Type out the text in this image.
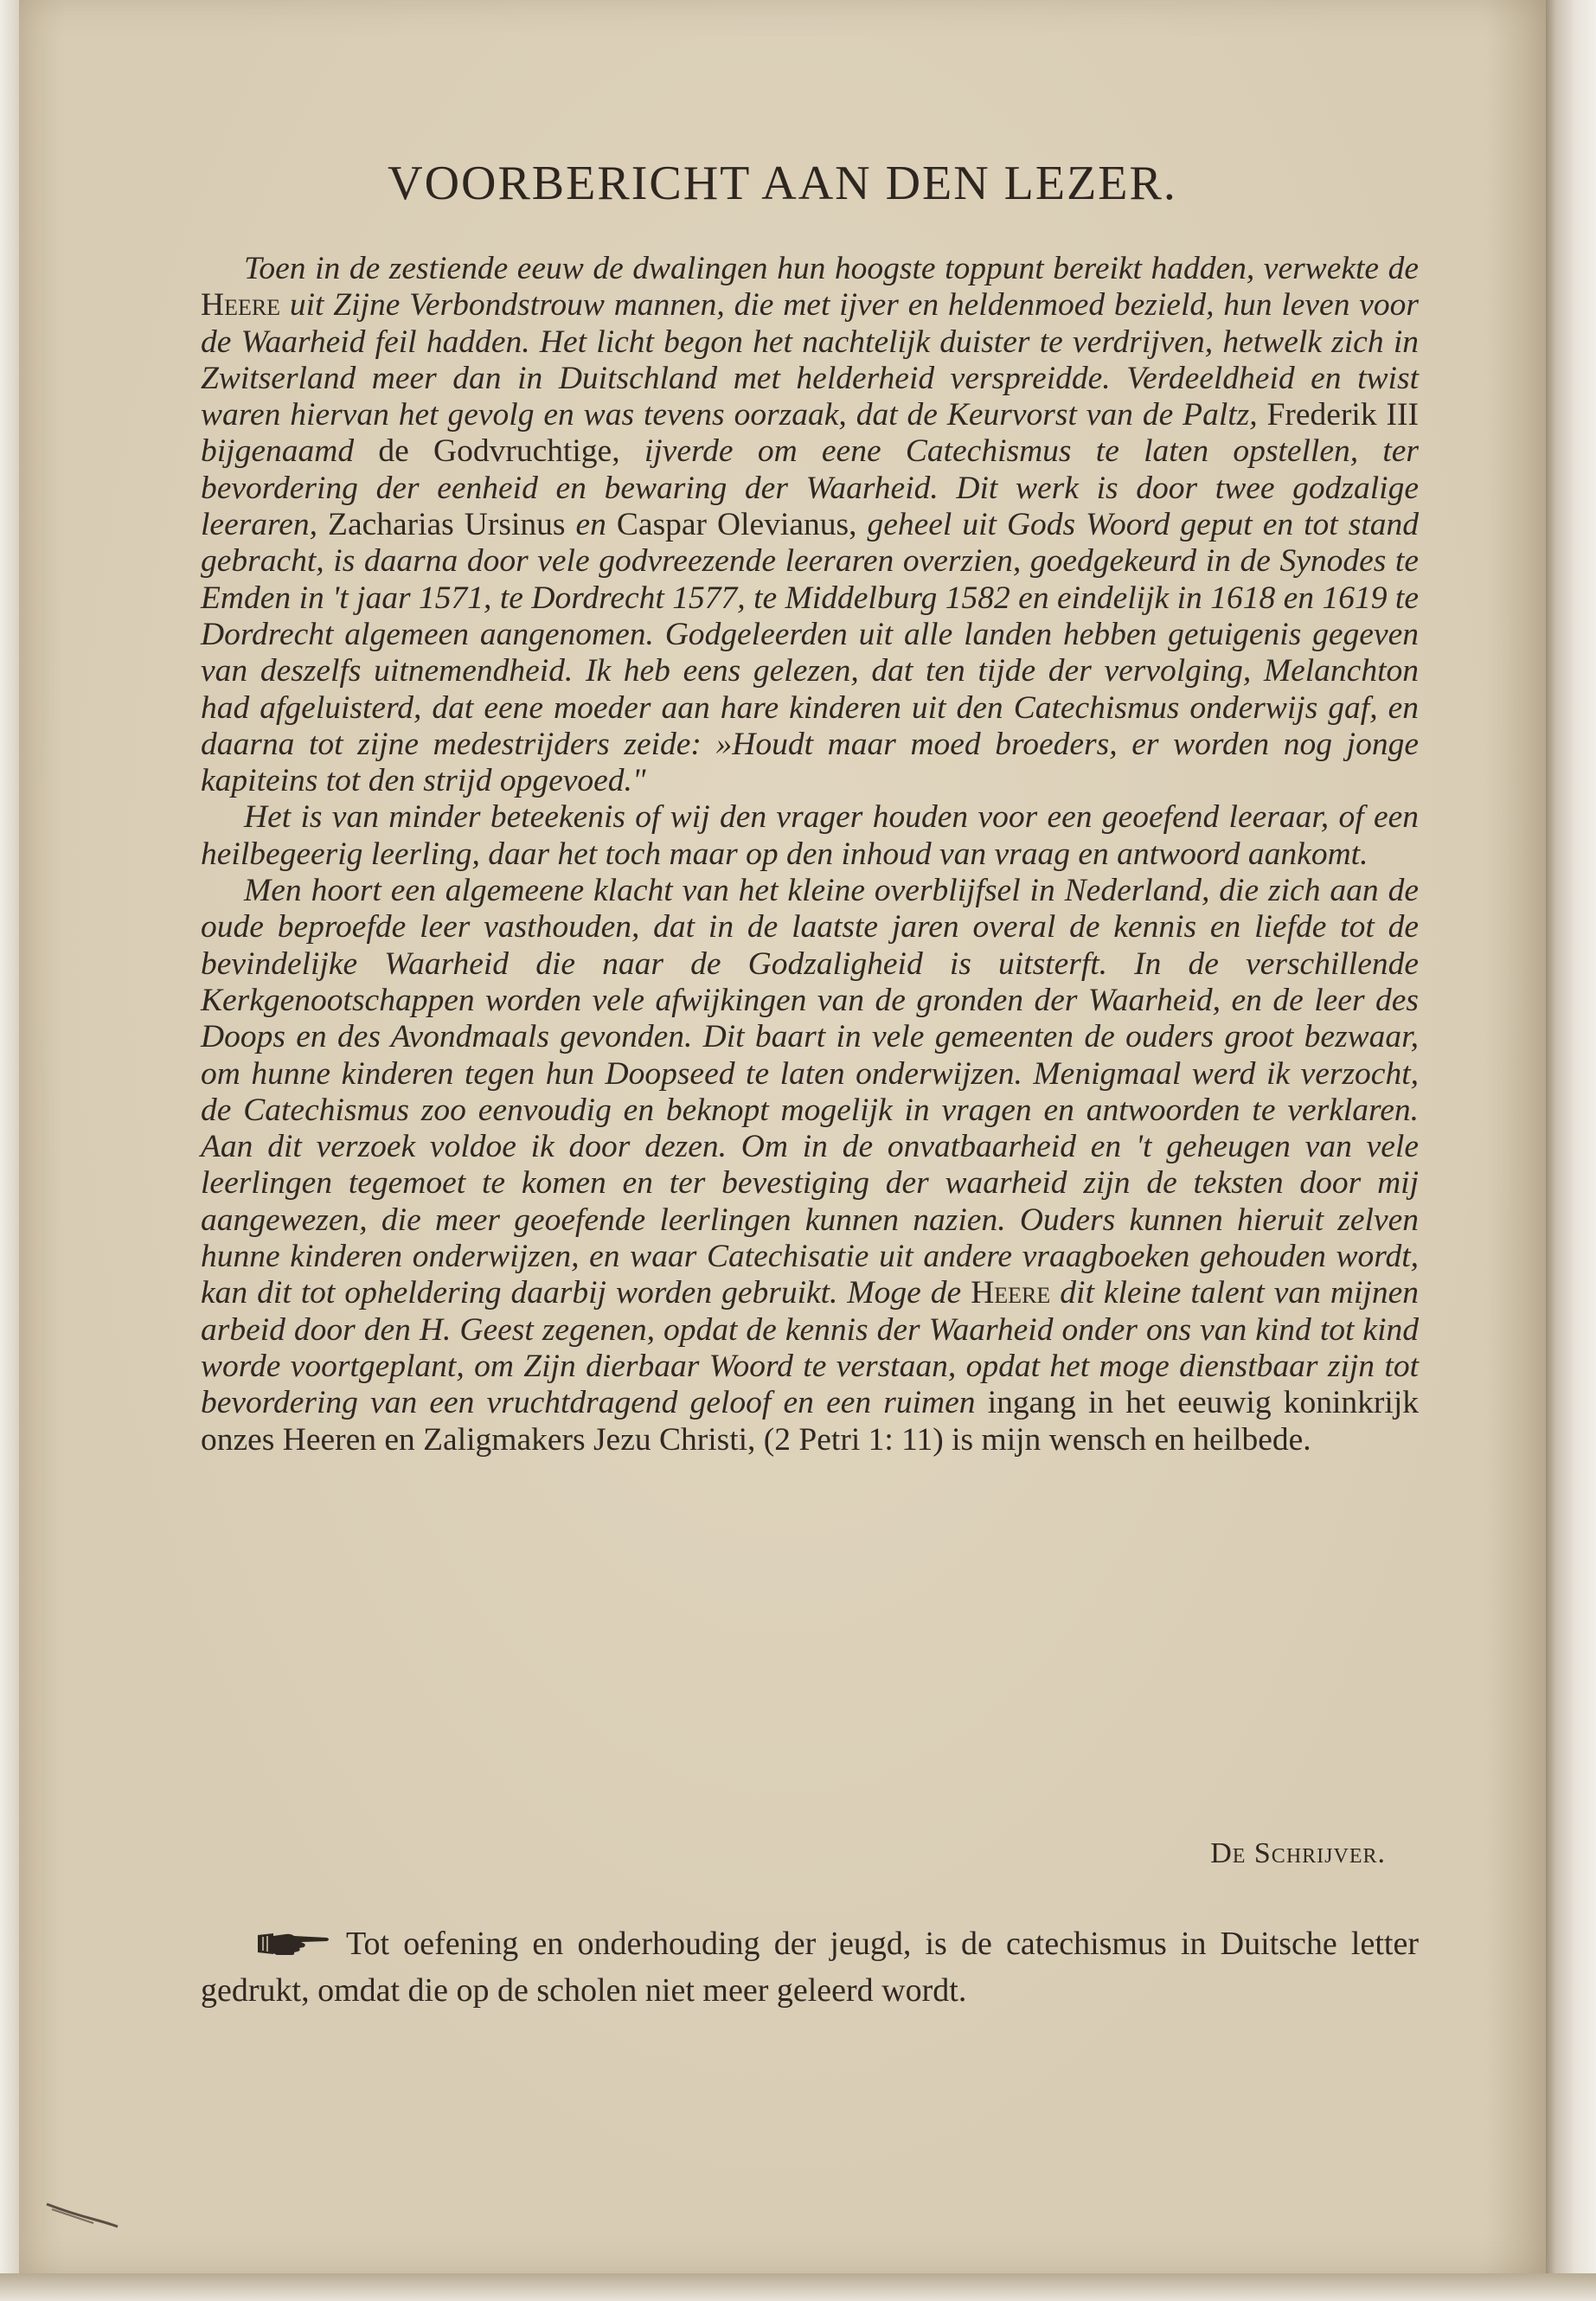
VOORBERICHT AAN DEN LEZER.

Toen in de zestiende eeuw de dwalingen hun hoogste toppunt bereikt hadden, verwekte de Heere uit Zijne Verbondstrouw mannen, die met ijver en heldenmoed bezield, hun leven voor de Waarheid feil hadden. Het licht begon het nachtelijk duister te verdrijven, hetwelk zich in Zwitserland meer dan in Duitschland met helderheid verspreidde. Verdeeldheid en twist waren hiervan het gevolg en was tevens oorzaak, dat de Keurvorst van de Paltz, Frederik III bijgenaamd de Godvruchtige, ijverde om eene Catechismus te laten opstellen, ter bevordering der eenheid en bewaring der Waarheid. Dit werk is door twee godzalige leeraren, Zacharias Ursinus en Caspar Olevianus, geheel uit Gods Woord geput en tot stand gebracht, is daarna door vele godvreezende leeraren overzien, goedgekeurd in de Synodes te Emden in 't jaar 1571, te Dordrecht 1577, te Middelburg 1582 en eindelijk in 1618 en 1619 te Dordrecht algemeen aangenomen. Godgeleerden uit alle landen hebben getuigenis gegeven van deszelfs uitnemendheid. Ik heb eens gelezen, dat ten tijde der vervolging, Melanchton had afgeluisterd, dat eene moeder aan hare kinderen uit den Catechismus onderwijs gaf, en daarna tot zijne medestrijders zeide: »Houdt maar moed broeders, er worden nog jonge kapiteins tot den strijd opgevoed."

Het is van minder beteekenis of wij den vrager houden voor een geoefend leeraar, of een heilbegeerig leerling, daar het toch maar op den inhoud van vraag en antwoord aankomt.

Men hoort een algemeene klacht van het kleine overblijfsel in Nederland, die zich aan de oude beproefde leer vasthouden, dat in de laatste jaren overal de kennis en liefde tot de bevindelijke Waarheid die naar de Godzaligheid is uitsterft. In de verschillende Kerkgenootschappen worden vele afwijkingen van de gronden der Waarheid, en de leer des Doops en des Avondmaals gevonden. Dit baart in vele gemeenten de ouders groot bezwaar, om hunne kinderen tegen hun Doopseed te laten onderwijzen. Menigmaal werd ik verzocht, de Catechismus zoo eenvoudig en beknopt mogelijk in vragen en antwoorden te verklaren. Aan dit verzoek voldoe ik door dezen. Om in de onvatbaarheid en 't geheugen van vele leerlingen tegemoet te komen en ter bevestiging der waarheid zijn de teksten door mij aangewezen, die meer geoefende leerlingen kunnen nazien. Ouders kunnen hieruit zelven hunne kinderen onderwijzen, en waar Catechisatie uit andere vraagboeken gehouden wordt, kan dit tot opheldering daarbij worden gebruikt. Moge de Heere dit kleine talent van mijnen arbeid door den H. Geest zegenen, opdat de kennis der Waarheid onder ons van kind tot kind worde voortgeplant, om Zijn dierbaar Woord te verstaan, opdat het moge dienstbaar zijn tot bevordering van een vruchtdragend geloof en een ruimen ingang in het eeuwig koninkrijk onzes Heeren en Zaligmakers Jezu Christi, (2 Petri 1: 11) is mijn wensch en heilbede.

De Schrijver.
Tot oefening en onderhouding der jeugd, is de catechismus in Duitsche letter gedrukt, omdat die op de scholen niet meer geleerd wordt.
